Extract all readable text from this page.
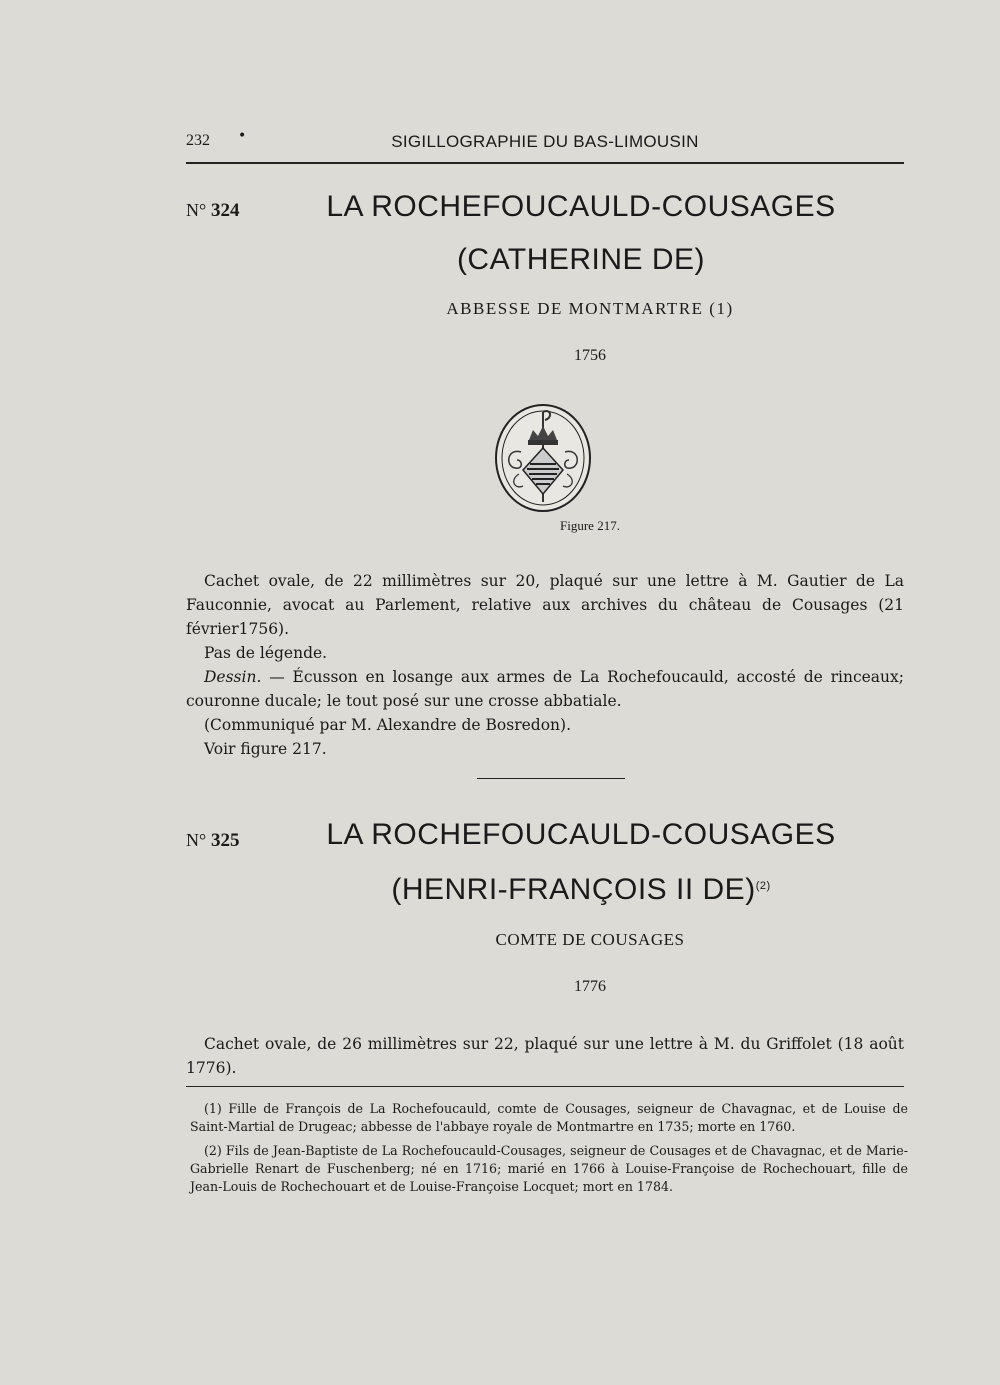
232 •	SIGILLOGRAPHIE DU BAS-LIMOUSIN
N° 324	LA ROCHEFOUCAULD-COUSAGES
(CATHERINE DE)
ABBESSE DE MONTMARTRE (1)
1756
Figure 217.

Cachet ovale, de 22 millimètres sur 20, plaqué sur une lettre à M. Gautier de La Fauconnie, avocat au Parlement, relative aux archives du château de Cousages (21 février1756).

Pas de légende.

Dessin. — Écusson en losange aux armes de La Rochefoucauld, accosté de rinceaux; couronne ducale; le tout posé sur une crosse abbatiale.

(Communiqué par M. Alexandre de Bosredon).

Voir figure 217.

N° 325	LA ROCHEFOUCAULD-COUSAGES
(HENRI-FRANÇOIS II DE)$^{(2)}$
COMTE DE COUSAGES
1776

Cachet ovale, de 26 millimètres sur 22, plaqué sur une lettre à M. du Griffolet (18 août 1776).

(1) Fille de François de La Rochefoucauld, comte de Cousages, seigneur de Chavagnac, et de Louise de Saint-Martial de Drugeac; abbesse de l'abbaye royale de Montmartre en 1735; morte en 1760.

(2) Fils de Jean-Baptiste de La Rochefoucauld-Cousages, seigneur de Cousages et de Chavagnac, et de Marie-Gabrielle Renart de Fuschenberg; né en 1716; marié en 1766 à Louise-Françoise de Rochechouart, fille de Jean-Louis de Rochechouart et de Louise-Françoise Locquet; mort en 1784.
